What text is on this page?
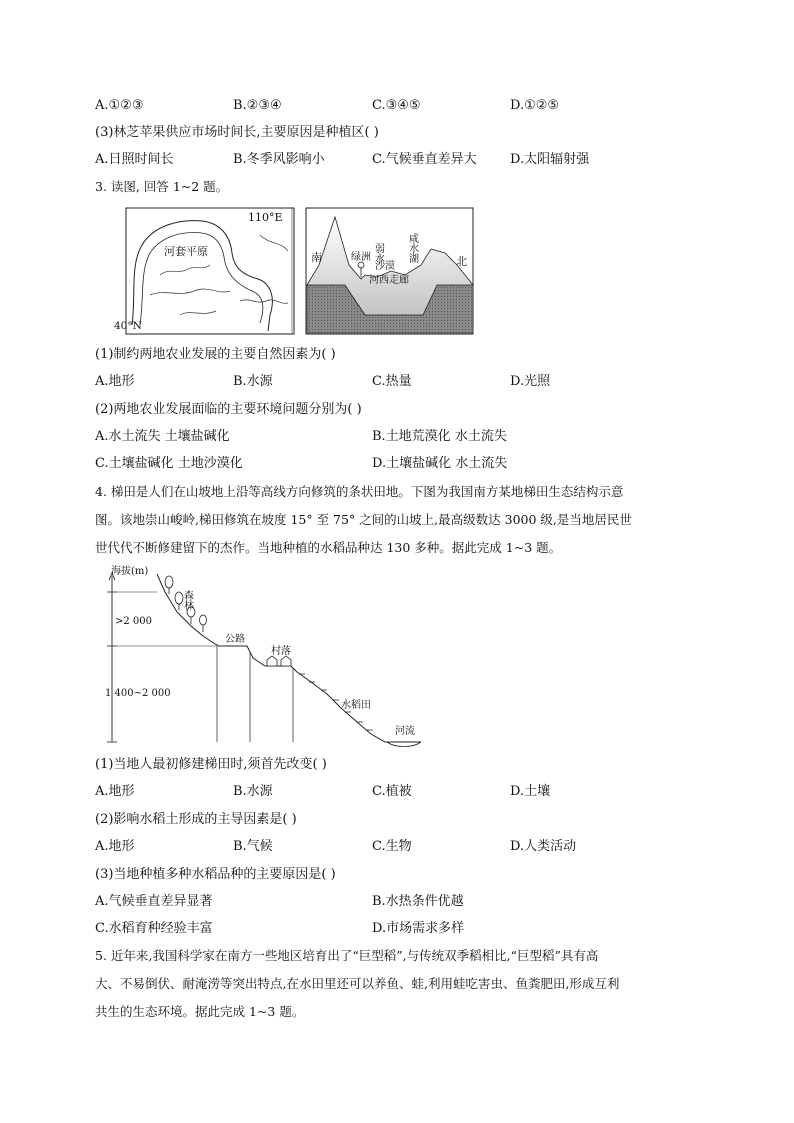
A.①②③	B.②③④	C.③④⑤	D.①②⑤
(3)林芝苹果供应市场时间长,主要原因是种植区( )
A.日照时间长	B.冬季风影响小	C.气候垂直差异大	D.太阳辐射强
3. 读图, 回答 1~2 题。
110°E
40°N
河套平原	南	北
绿洲
河西走廊
弱水
沙漠
咸水湖
(1)制约两地农业发展的主要自然因素为( )
A.地形	B.水源	C.热量	D.光照
(2)两地农业发展面临的主要环境问题分别为( )
A.水土流失 土壤盐碱化	B.土地荒漠化 水土流失
C.土壤盐碱化 土地沙漠化	D.土壤盐碱化 水土流失
4. 梯田是人们在山坡地上沿等高线方向修筑的条状田地。下图为我国南方某地梯田生态结构示意
图。该地崇山峻岭,梯田修筑在坡度 15° 至 75° 之间的山坡上,最高级数达 3000 级,是当地居民世
世代代不断修建留下的杰作。当地种植的水稻品种达 130 多种。据此完成 1~3 题。
海拔(m)
>2 000
1 400~2 000
森林
公路
村落
水稻田
河流
(1)当地人最初修建梯田时,须首先改变( )
A.地形	B.水源	C.植被	D.土壤
(2)影响水稻土形成的主导因素是( )
A.地形	B.气候	C.生物	D.人类活动
(3)当地种植多种水稻品种的主要原因是( )
A.气候垂直差异显著	B.水热条件优越
C.水稻育种经验丰富	D.市场需求多样
5. 近年来,我国科学家在南方一些地区培育出了“巨型稻”,与传统双季稻相比,“巨型稻”具有高
大、不易倒伏、耐淹涝等突出特点,在水田里还可以养鱼、蛙,利用蛙吃害虫、鱼粪肥田,形成互利
共生的生态环境。据此完成 1~3 题。
